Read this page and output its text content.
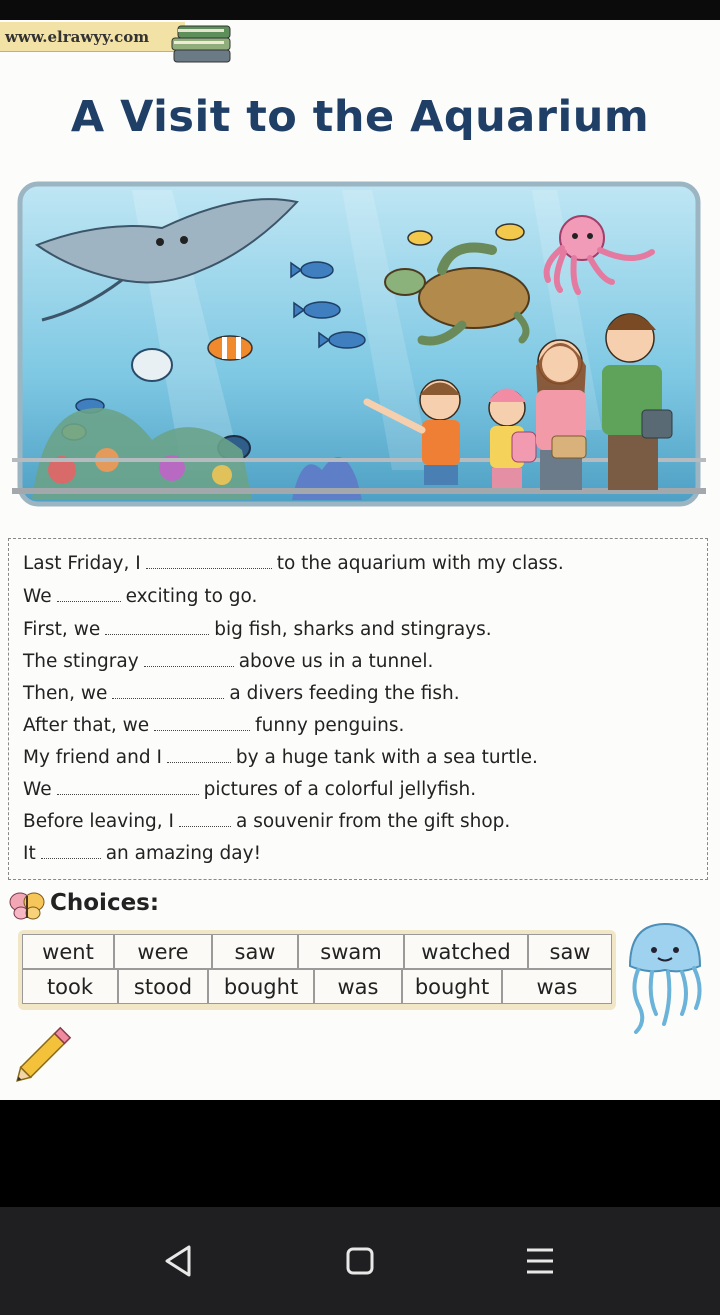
www.elrawyy.com
A Visit to the Aquarium
Last Friday, I	to the aquarium with my class.
We	exciting to go.
First, we	big fish, sharks and stingrays.
The stingray	above us in a tunnel.
Then, we	a divers feeding the fish.
After that, we	funny penguins.
My friend and I	by a huge tank with a sea turtle.
We	pictures of a colorful jellyfish.
Before leaving, I	a souvenir from the gift shop.
It	an amazing day!
Choices:
went	were	saw	swam	watched	saw
took	stood	bought	was	bought	was
